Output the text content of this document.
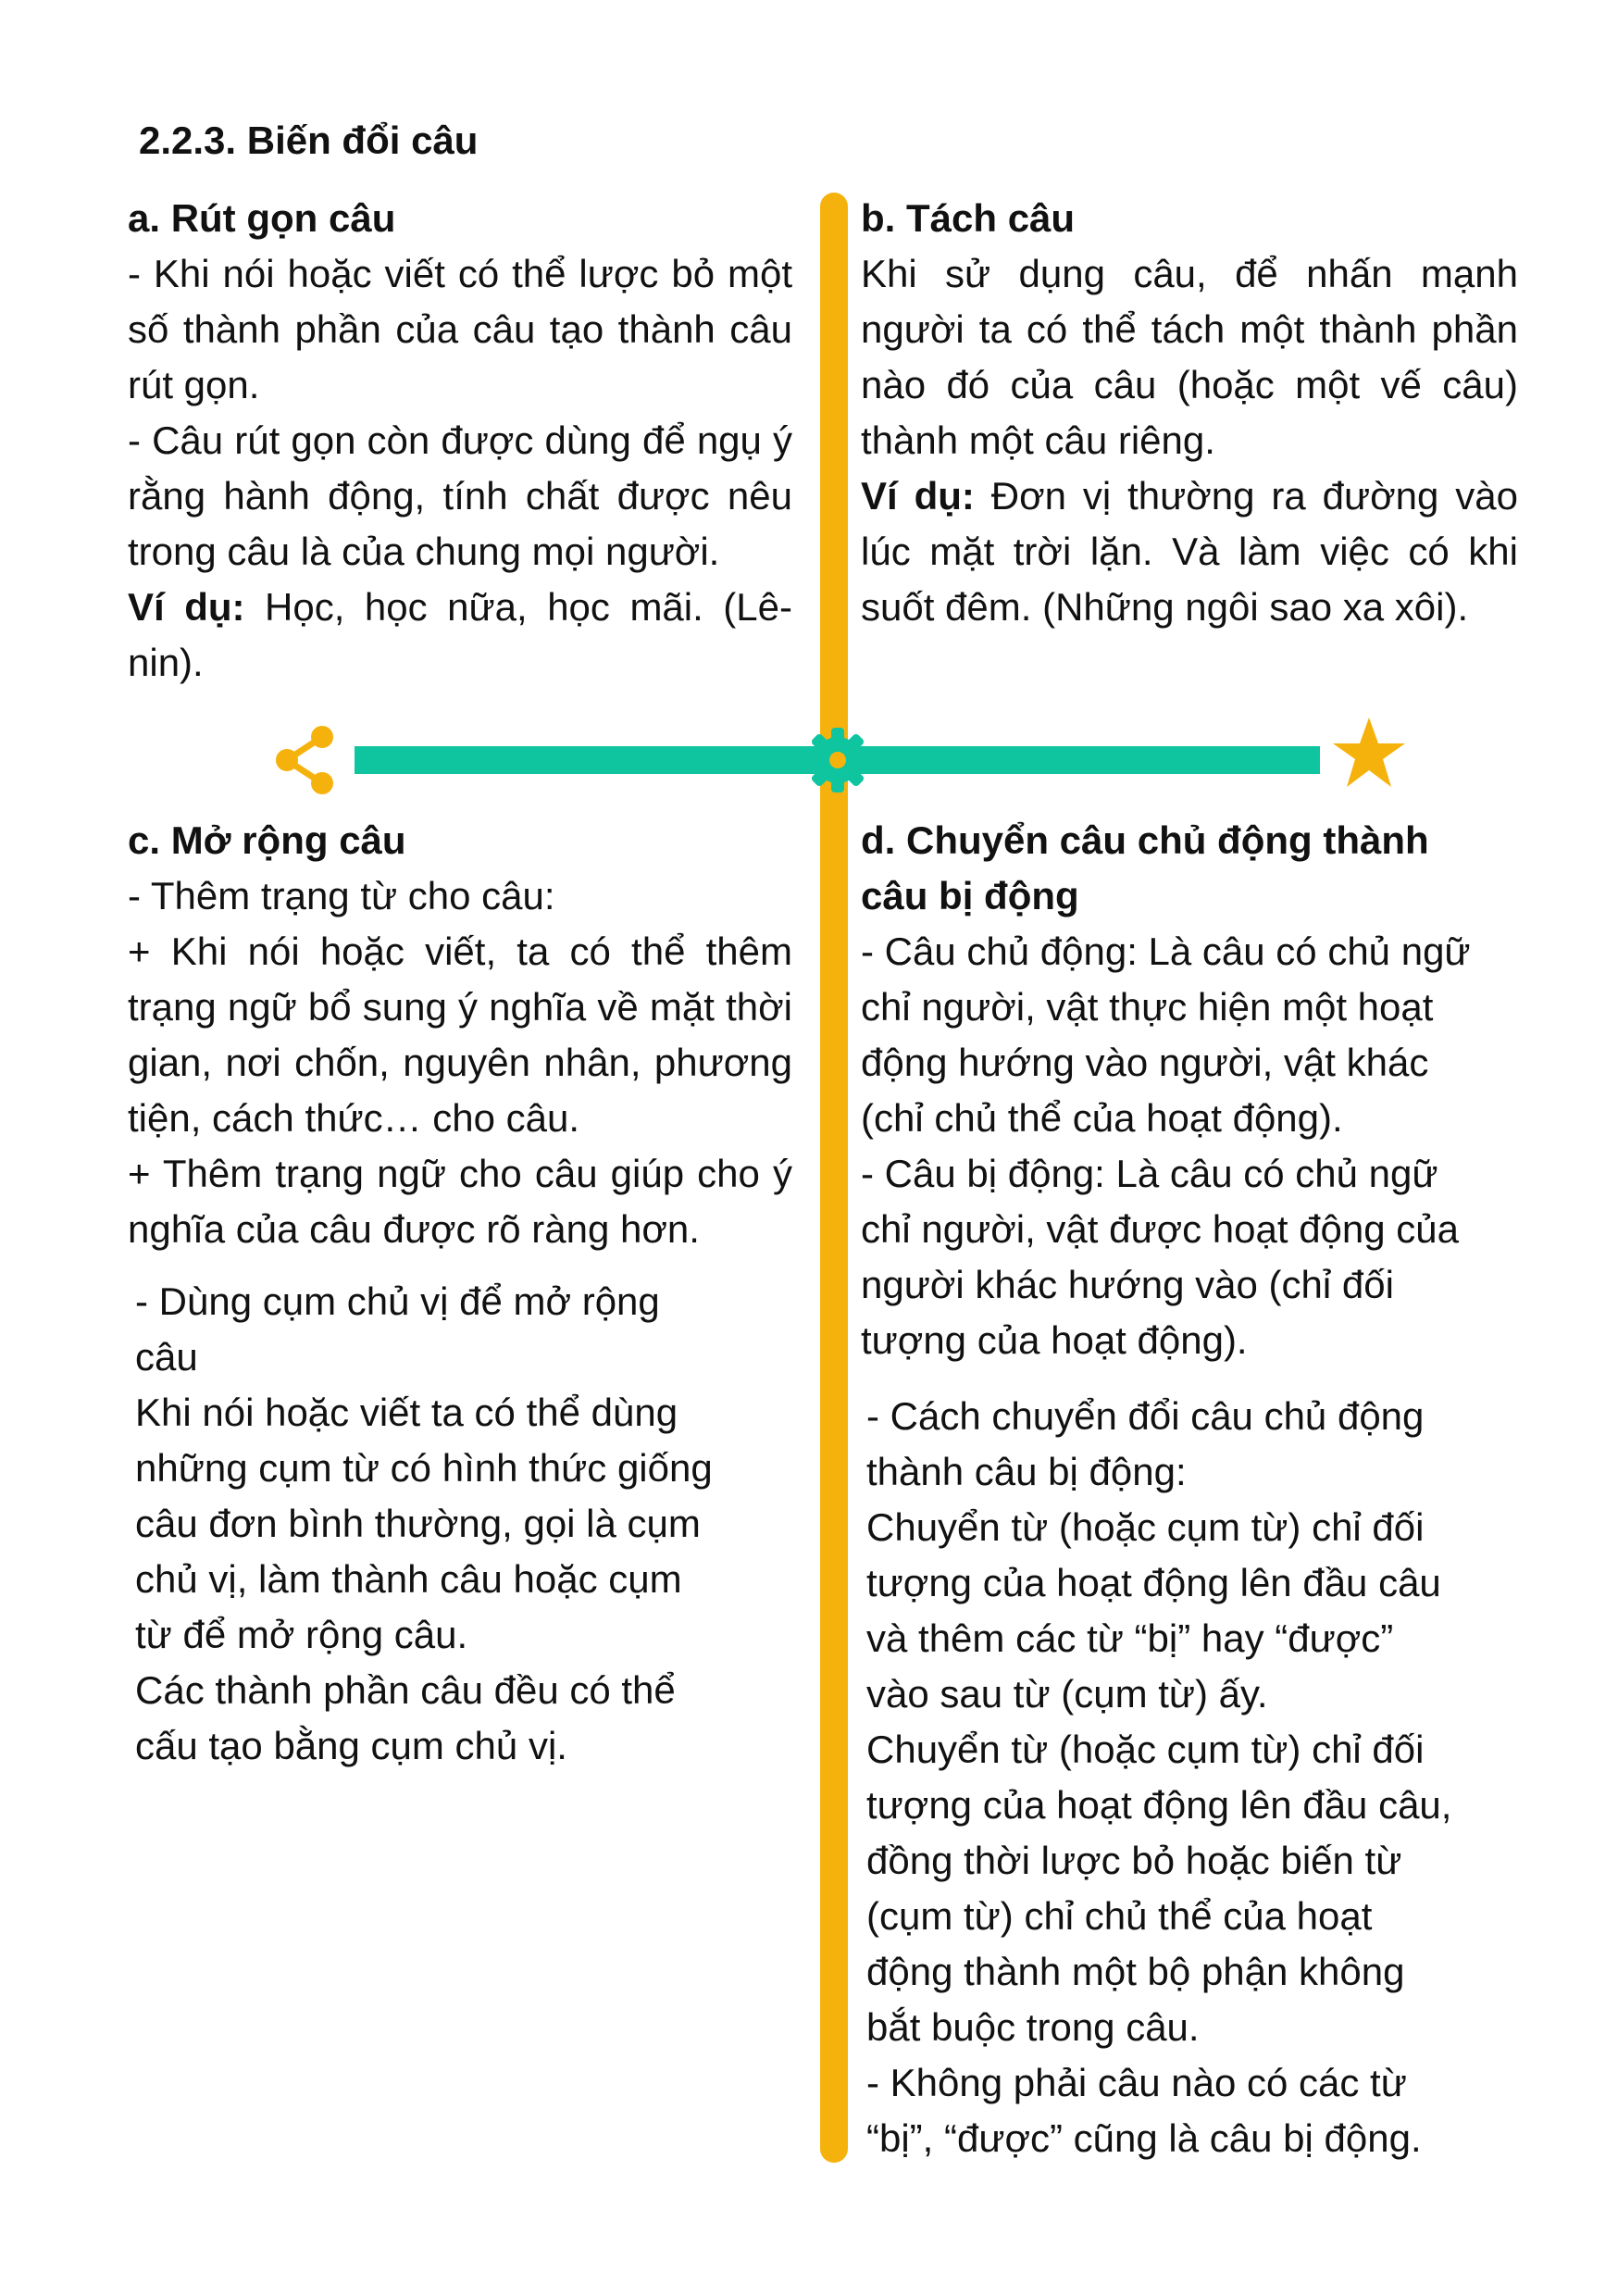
2.2.3. Biến đổi câu
a. Rút gọn câu

- Khi nói hoặc viết có thể lược bỏ một số thành phần của câu tạo thành câu rút gọn.

- Câu rút gọn còn được dùng để ngụ ý rằng hành động, tính chất được nêu trong câu là của chung mọi người.

Ví dụ: Học, học nữa, học mãi. (Lê-nin).

b. Tách câu

Khi sử dụng câu, để nhấn mạnh người ta có thể tách một thành phần nào đó của câu (hoặc một vế câu) thành một câu riêng.

Ví dụ: Đơn vị thường ra đường vào lúc mặt trời lặn. Và làm việc có khi suốt đêm. (Những ngôi sao xa xôi).

c. Mở rộng câu

- Thêm trạng từ cho câu:

+ Khi nói hoặc viết, ta có thể thêm trạng ngữ bổ sung ý nghĩa về mặt thời gian, nơi chốn, nguyên nhân, phương tiện, cách thức… cho câu.

+ Thêm trạng ngữ cho câu giúp cho ý nghĩa của câu được rõ ràng hơn.

- Dùng cụm chủ vị để mở rộng
câu
Khi nói hoặc viết ta có thể dùng
những cụm từ có hình thức giống
câu đơn bình thường, gọi là cụm
chủ vị, làm thành câu hoặc cụm
từ để mở rộng câu.
Các thành phần câu đều có thể
cấu tạo bằng cụm chủ vị.
d. Chuyển câu chủ động thành
câu bị động
- Câu chủ động: Là câu có chủ ngữ
chỉ người, vật thực hiện một hoạt
động hướng vào người, vật khác
(chỉ chủ thể của hoạt động).
- Câu bị động: Là câu có chủ ngữ
chỉ người, vật được hoạt động của
người khác hướng vào (chỉ đối
tượng của hoạt động).
- Cách chuyển đổi câu chủ động
thành câu bị động:
Chuyển từ (hoặc cụm từ) chỉ đối
tượng của hoạt động lên đầu câu
và thêm các từ “bị” hay “được”
vào sau từ (cụm từ) ấy.
Chuyển từ (hoặc cụm từ) chỉ đối
tượng của hoạt động lên đầu câu,
đồng thời lược bỏ hoặc biến từ
(cụm từ) chỉ chủ thể của hoạt
động thành một bộ phận không
bắt buộc trong câu.
- Không phải câu nào có các từ
“bị”, “được” cũng là câu bị động.
